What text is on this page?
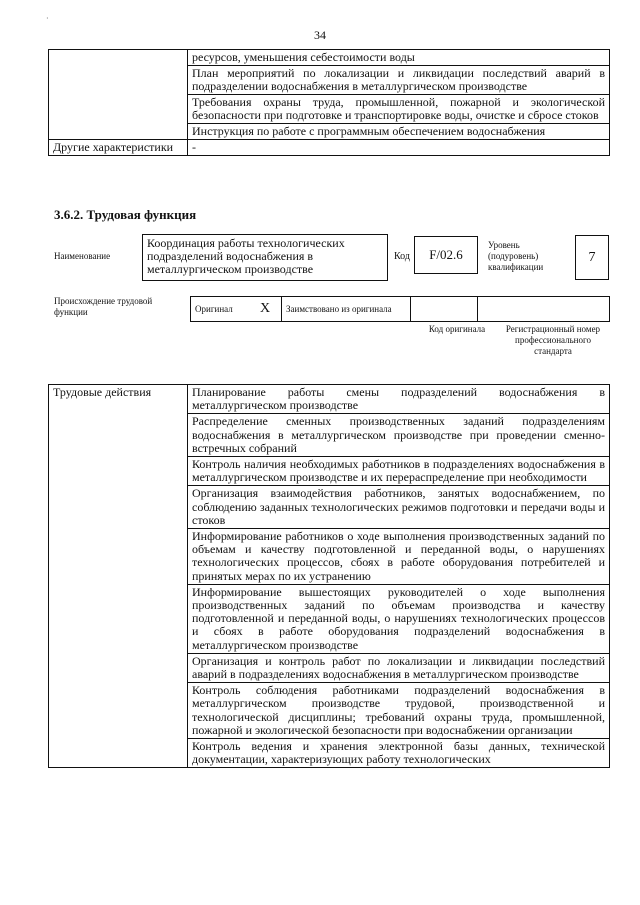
·
34
	ресурсов, уменьшения себестоимости воды
	План мероприятий по локализации и ликвидации последствий аварий в подразделении водоснабжения в металлургическом производстве
	Требования охраны труда, промышленной, пожарной и экологической безопасности при подготовке и транспортировке воды, очистке и сбросе стоков
	Инструкция по работе с программным обеспечением водоснабжения
Другие характеристики	-
3.6.2. Трудовая функция
Наименование
Координация работы технологических подразделений водоснабжения в металлургическом производстве
Код	F/02.6
Уровень (подуровень) квалификации
7
Происхождение трудовой функции	Оригинал	X	Заимствовано из оригинала		
Код оригинала	Регистрационный номер профессионального стандарта
Трудовые действия	Планирование работы смены подразделений водоснабжения в металлургическом производстве
Распределение сменных производственных заданий подразделениям водоснабжения в металлургическом производстве при проведении сменно-встречных собраний
Контроль наличия необходимых работников в подразделениях водоснабжения в металлургическом производстве и их перераспределение при необходимости
Организация взаимодействия работников, занятых водоснабжением, по соблюдению заданных технологических режимов подготовки и передачи воды и стоков
Информирование работников о ходе выполнения производственных заданий по объемам и качеству подготовленной и переданной воды, о нарушениях технологических процессов, сбоях в работе оборудования потребителей и принятых мерах по их устранению
Информирование вышестоящих руководителей о ходе выполнения производственных заданий по объемам производства и качеству подготовленной и переданной воды, о нарушениях технологических процессов и сбоях в работе оборудования подразделений водоснабжения в металлургическом производстве
Организация и контроль работ по локализации и ликвидации последствий аварий в подразделениях водоснабжения в металлургическом производстве
Контроль соблюдения работниками подразделений водоснабжения в металлургическом производстве трудовой, производственной и технологической дисциплины; требований охраны труда, промышленной, пожарной и экологической безопасности при водоснабжении организации
Контроль ведения и хранения электронной базы данных, технической документации, характеризующих работу технологических
